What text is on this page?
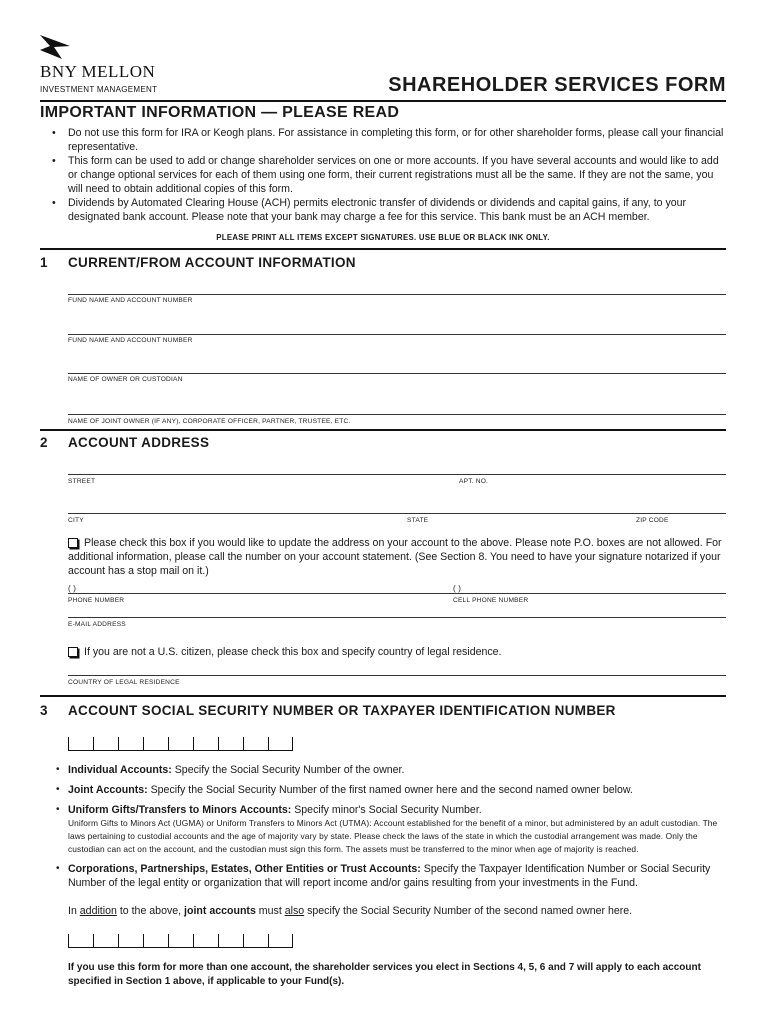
BNY MELLON
INVESTMENT MANAGEMENT	SHAREHOLDER SERVICES FORM
IMPORTANT INFORMATION — PLEASE READ
• Do not use this form for IRA or Keogh plans. For assistance in completing this form, or for other shareholder forms, please call your financial representative.
• This form can be used to add or change shareholder services on one or more accounts. If you have several accounts and would like to add or change optional services for each of them using one form, their current registrations must all be the same. If they are not the same, you will need to obtain additional copies of this form.
• Dividends by Automated Clearing House (ACH) permits electronic transfer of dividends or dividends and capital gains, if any, to your designated bank account. Please note that your bank may charge a fee for this service. This bank must be an ACH member.
PLEASE PRINT ALL ITEMS EXCEPT SIGNATURES. USE BLUE OR BLACK INK ONLY.
1 CURRENT/FROM ACCOUNT INFORMATION
FUND NAME AND ACCOUNT NUMBER
FUND NAME AND ACCOUNT NUMBER
NAME OF OWNER OR CUSTODIAN
NAME OF JOINT OWNER (IF ANY), CORPORATE OFFICER, PARTNER, TRUSTEE, ETC.
2 ACCOUNT ADDRESS
STREET	APT. NO.
CITY	STATE	ZIP CODE
Please check this box if you would like to update the address on your account to the above. Please note P.O. boxes are not allowed. For additional information, please call the number on your account statement. (See Section 8. You need to have your signature notarized if your account has a stop mail on it.)
( )	( )
PHONE NUMBER	CELL PHONE NUMBER
E-MAIL ADDRESS
If you are not a U.S. citizen, please check this box and specify country of legal residence.
COUNTRY OF LEGAL RESIDENCE
3 ACCOUNT SOCIAL SECURITY NUMBER OR TAXPAYER IDENTIFICATION NUMBER
• Individual Accounts: Specify the Social Security Number of the owner.
• Joint Accounts: Specify the Social Security Number of the first named owner here and the second named owner below.
• Uniform Gifts/Transfers to Minors Accounts: Specify minor's Social Security Number.
Uniform Gifts to Minors Act (UGMA) or Uniform Transfers to Minors Act (UTMA): Account established for the benefit of a minor, but administered by an adult custodian. The laws pertaining to custodial accounts and the age of majority vary by state. Please check the laws of the state in which the custodial arrangement was made. Only the custodian can act on the account, and the custodian must sign this form. The assets must be transferred to the minor when age of majority is reached.
• Corporations, Partnerships, Estates, Other Entities or Trust Accounts: Specify the Taxpayer Identification Number or Social Security Number of the legal entity or organization that will report income and/or gains resulting from your investments in the Fund.
In addition to the above, joint accounts must also specify the Social Security Number of the second named owner here.
If you use this form for more than one account, the shareholder services you elect in Sections 4, 5, 6 and 7 will apply to each account specified in Section 1 above, if applicable to your Fund(s).
